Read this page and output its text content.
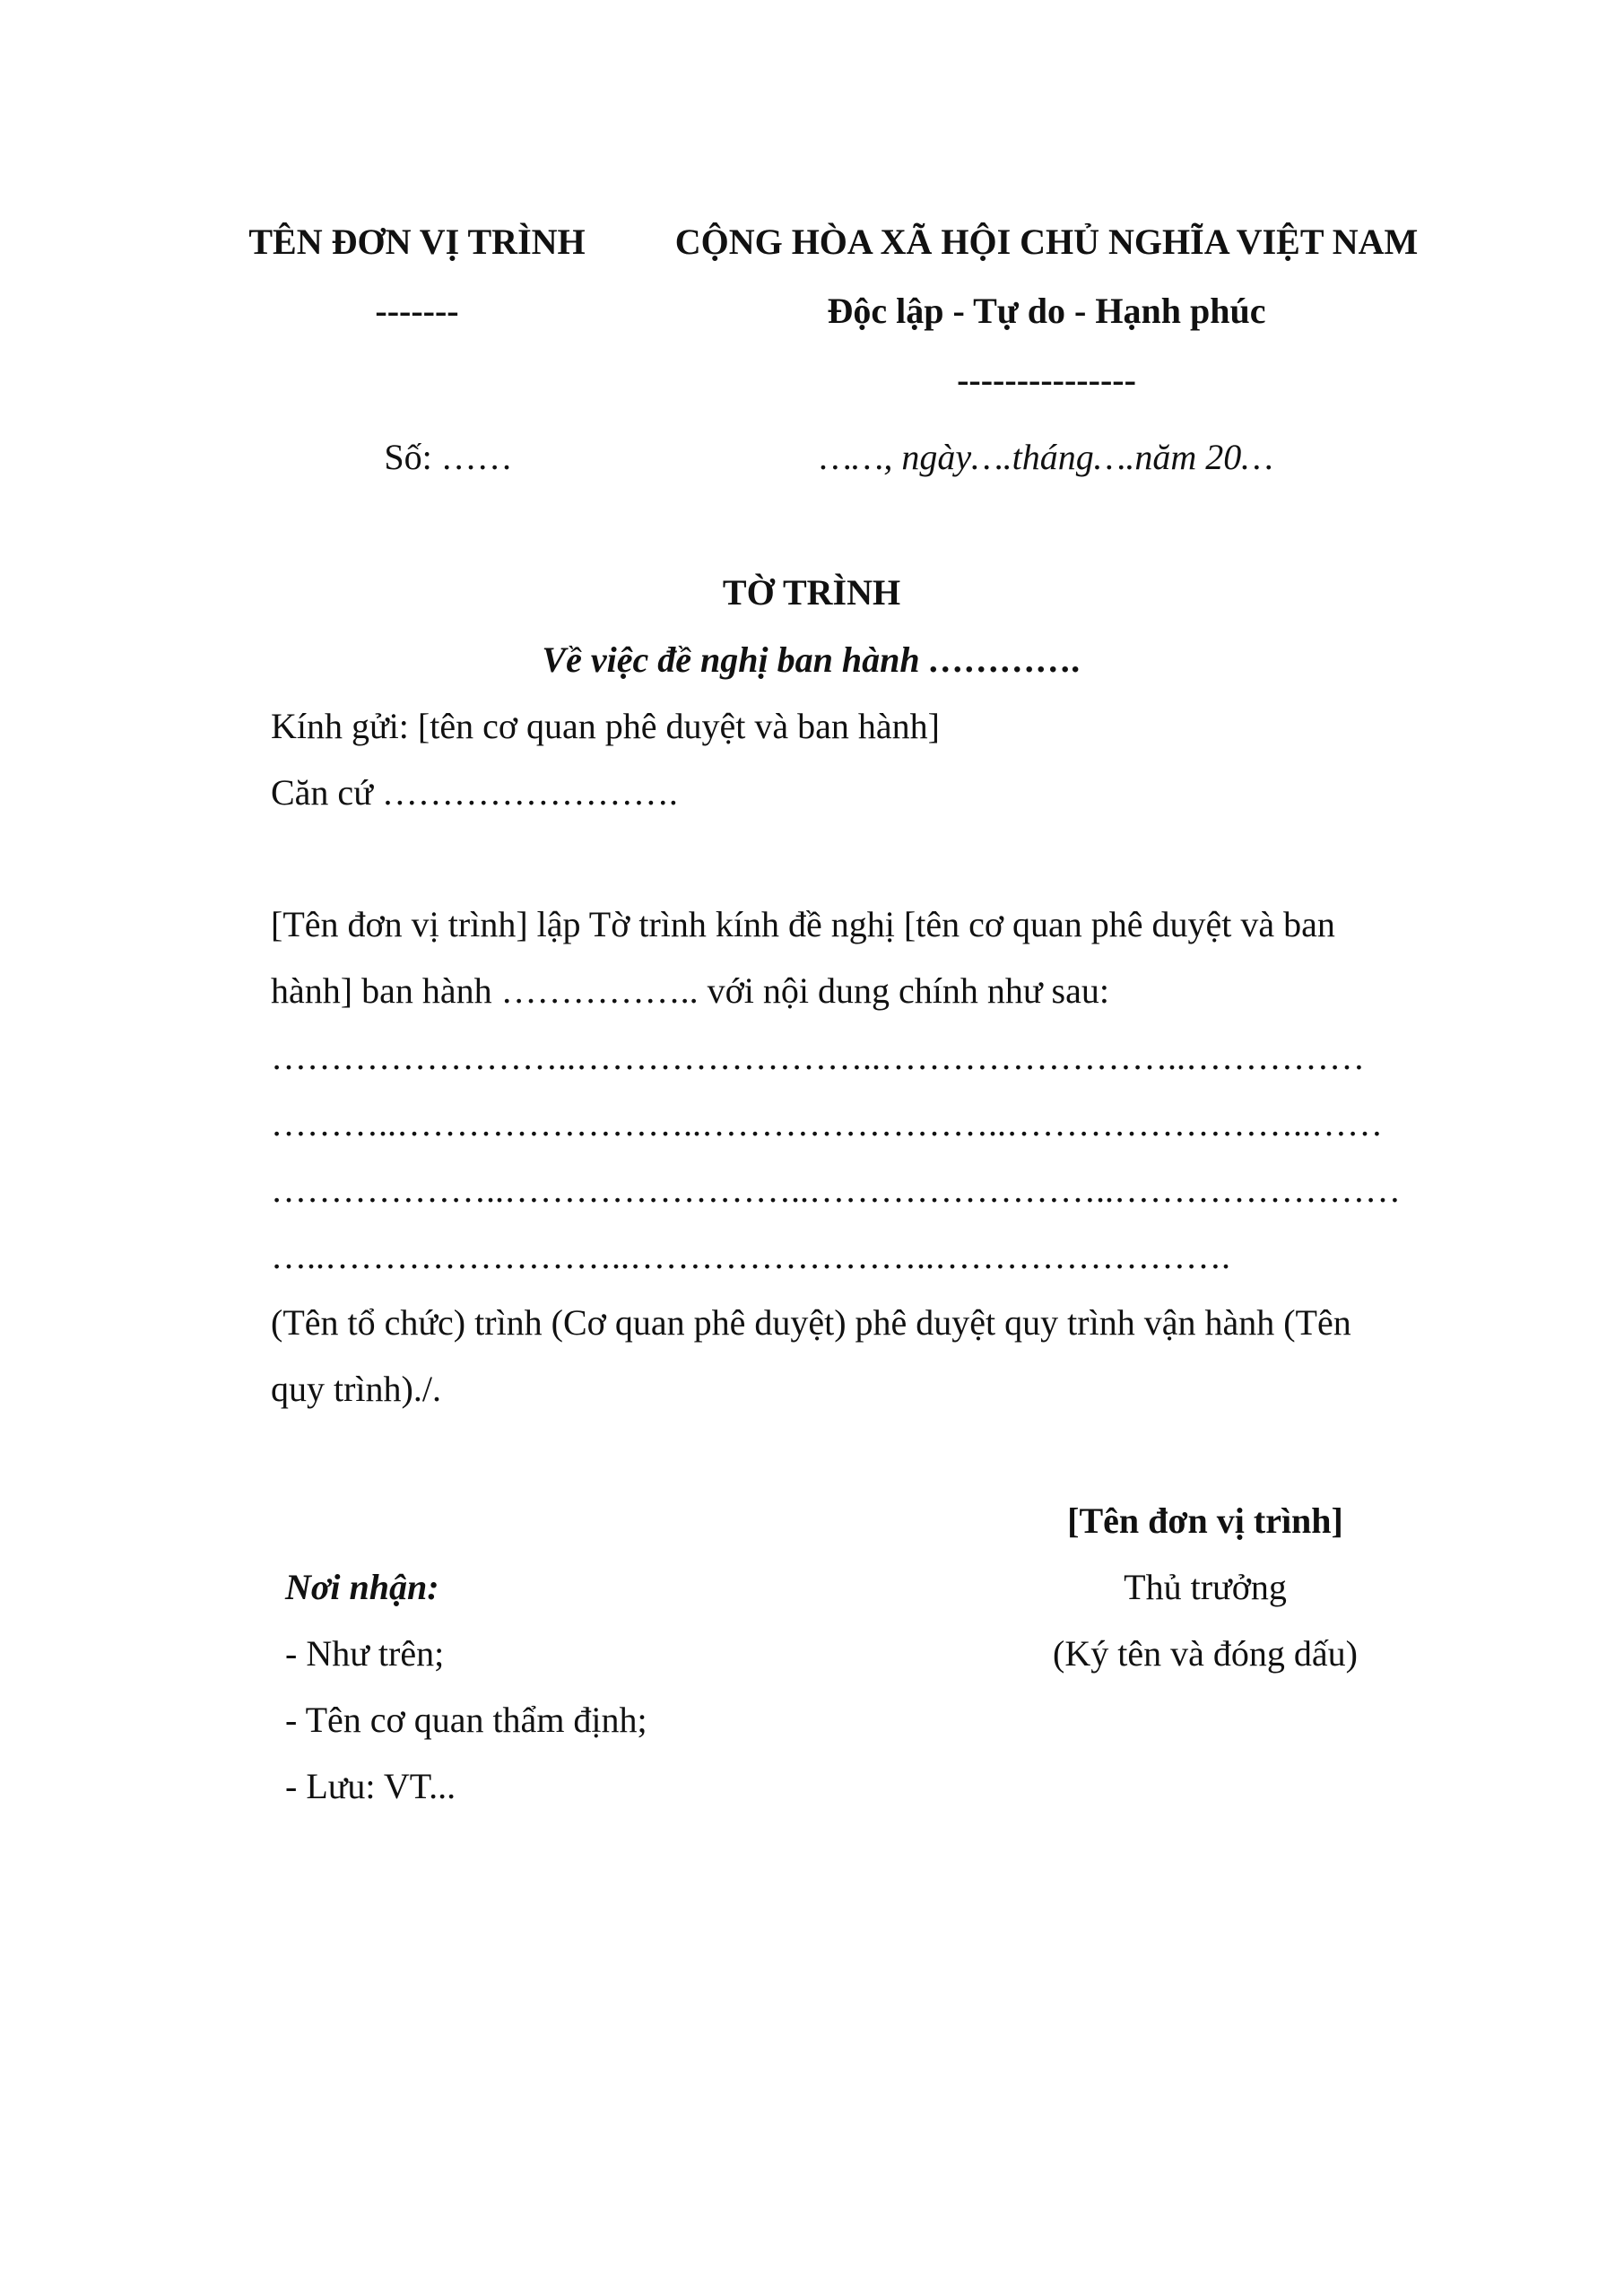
TÊN ĐƠN VỊ TRÌNH
-------
Số: ……
CỘNG HÒA XÃ HỘI CHỦ NGHĨA VIỆT NAM
Độc lập - Tự do - Hạnh phúc
---------------
……, ngày….tháng….năm 20…
TỜ TRÌNH
Về việc đề nghị ban hành ………….
Kính gửi: [tên cơ quan phê duyệt và ban hành]
Căn cứ …………………….
[Tên đơn vị trình] lập Tờ trình kính đề nghị [tên cơ quan phê duyệt và ban
hành] ban hành …………….. với nội dung chính như sau:
……………………..……………………..……………………..……………
………..……………………..……………………..……………………..……
………………..……………………..……………………..……………………
…..……………………..……………………..…………………….
(Tên tổ chức) trình (Cơ quan phê duyệt) phê duyệt quy trình vận hành (Tên
quy trình)./.
[Tên đơn vị trình]
Thủ trưởng
(Ký tên và đóng dấu)
Nơi nhận:
- Như trên;
- Tên cơ quan thẩm định;
- Lưu: VT...
